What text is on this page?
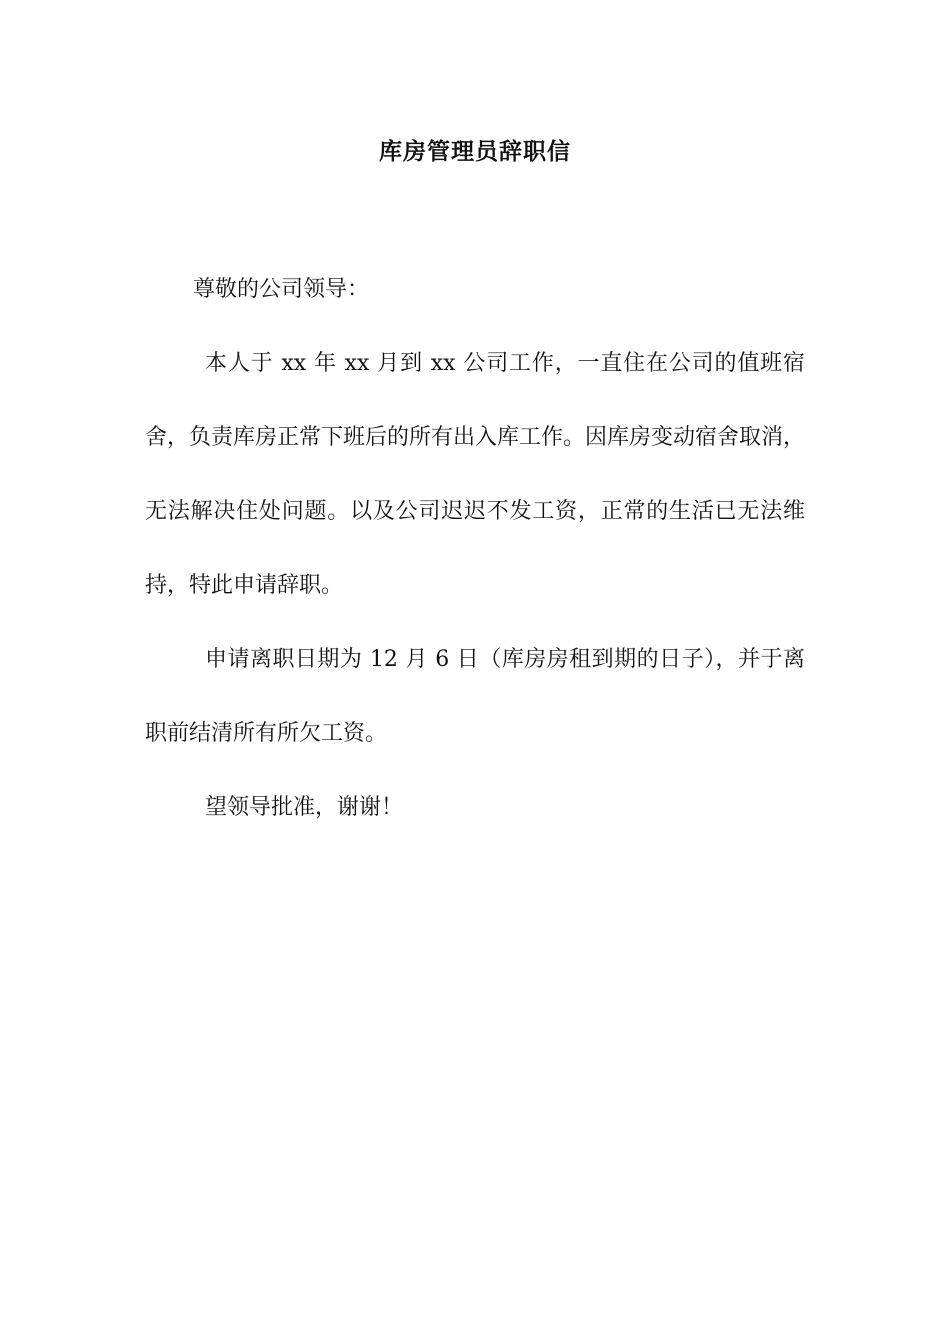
库房管理员辞职信

尊敬的公司领导：

本人于 xx 年 xx 月到 xx 公司工作，一直住在公司的值班宿舍，负责库房正常下班后的所有出入库工作。因库房变动宿舍取消，无法解决住处问题。以及公司迟迟不发工资，正常的生活已无法维持，特此申请辞职。

申请离职日期为 12 月 6 日（库房房租到期的日子），并于离职前结清所有所欠工资。

望领导批准，谢谢！
